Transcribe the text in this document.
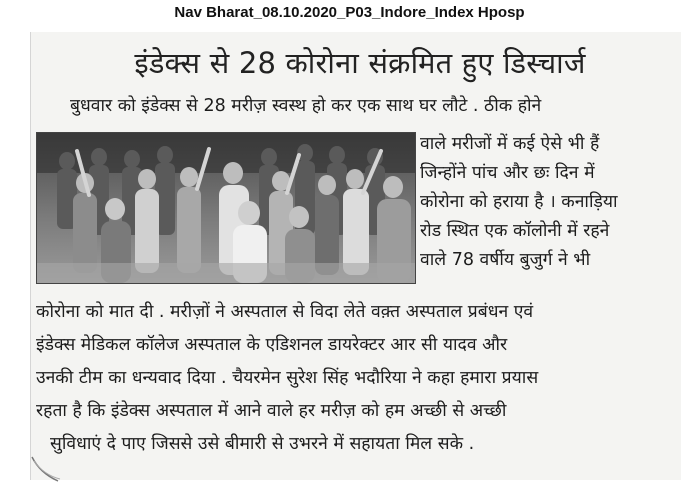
Nav Bharat_08.10.2020_P03_Indore_Index Hposp
इंडेक्स से 28 कोरोना संक्रमित हुए डिस्चार्ज
बुधवार को इंडेक्स से 28 मरीज़ स्वस्थ हो कर एक साथ घर लौटे . ठीक होने
वाले मरीजों में कई ऐसे भी हैं
जिन्होंने पांच और छः दिन में
कोरोना को हराया है । कनाड़िया
रोड स्थित एक कॉलोनी में रहने
वाले 78 वर्षीय बुजुर्ग ने भी
कोरोना को मात दी . मरीज़ों ने अस्पताल से विदा लेते वक़्त अस्पताल प्रबंधन एवं
इंडेक्स मेडिकल कॉलेज अस्पताल के एडिशनल डायरेक्टर आर सी यादव और
उनकी टीम का धन्यवाद दिया . चैयरमेन सुरेश सिंह भदौरिया ने कहा हमारा प्रयास
रहता है कि इंडेक्स अस्पताल में आने वाले हर मरीज़ को हम अच्छी से अच्छी
सुविधाएं दे पाए जिससे उसे बीमारी से उभरने में सहायता मिल सके .
